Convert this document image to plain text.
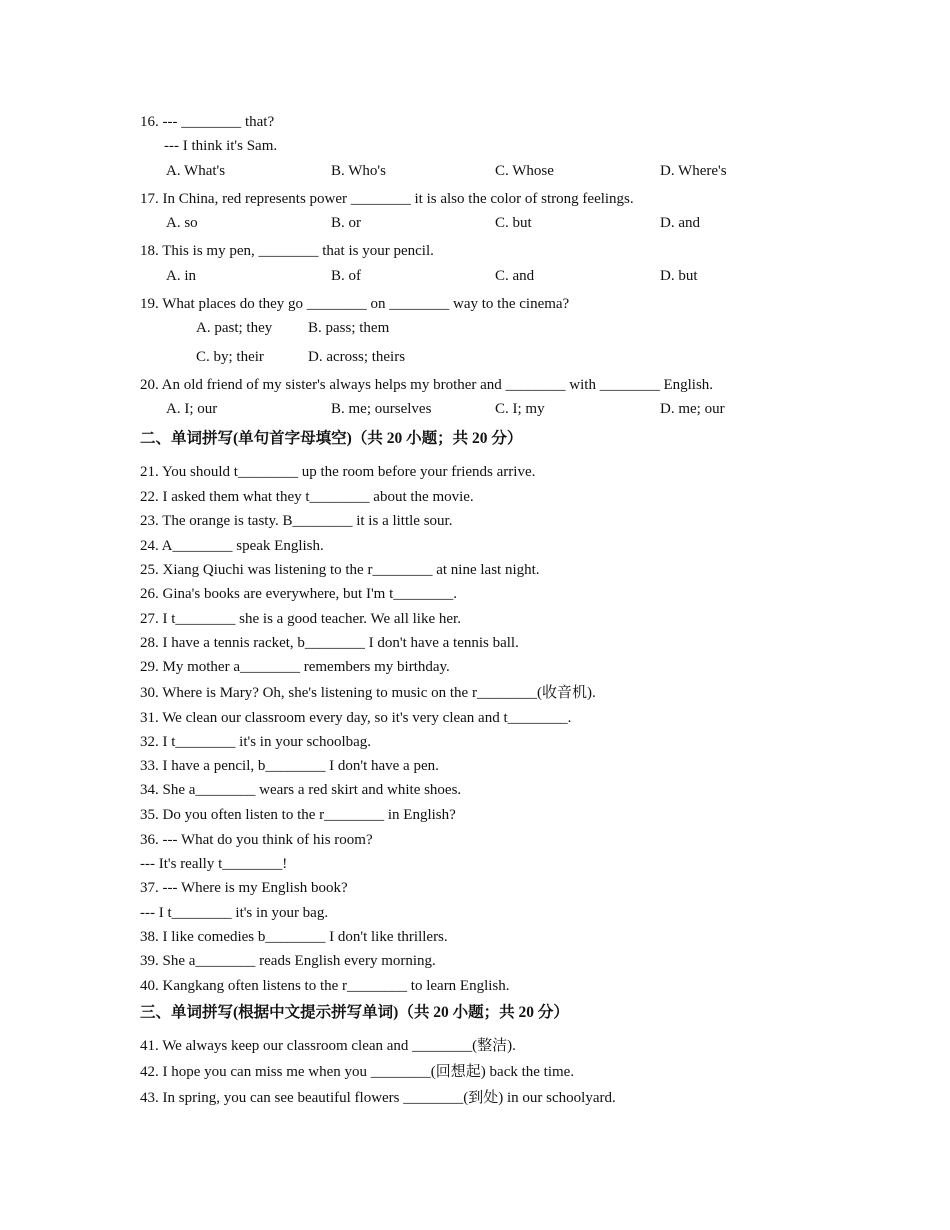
16. --- ________ that?
--- I think it's Sam.
A. What's	B. Who's	C. Whose	D. Where's
17. In China, red represents power ________ it is also the color of strong feelings.
A. so	B. or	C. but	D. and
18. This is my pen, ________ that is your pencil.
A. in	B. of	C. and	D. but
19. What places do they go ________ on ________ way to the cinema?
A. past; they B. pass; them
C. by; their	D. across; theirs
20. An old friend of my sister's always helps my brother and ________ with ________ English.
A. I; our	B. me; ourselves	C. I; my	D. me; our
二、单词拼写(单句首字母填空)（共 20 小题；共 20 分）
21. You should t________ up the room before your friends arrive.
22. I asked them what they t________ about the movie.
23. The orange is tasty. B________ it is a little sour.
24. A________ speak English.
25. Xiang Qiuchi was listening to the r________ at nine last night.
26. Gina's books are everywhere, but I'm t________.
27. I t________ she is a good teacher. We all like her.
28. I have a tennis racket, b________ I don't have a tennis ball.
29. My mother a________ remembers my birthday.
30. Where is Mary? Oh, she's listening to music on the r________(收音机).
31. We clean our classroom every day, so it's very clean and t________.
32. I t________ it's in your schoolbag.
33. I have a pencil, b________ I don't have a pen.
34. She a________ wears a red skirt and white shoes.
35. Do you often listen to the r________ in English?
36. --- What do you think of his room?
--- It's really t________!
37. --- Where is my English book?
--- I t________ it's in your bag.
38. I like comedies b________ I don't like thrillers.
39. She a________ reads English every morning.
40. Kangkang often listens to the r________ to learn English.
三、单词拼写(根据中文提示拼写单词)（共 20 小题；共 20 分）
41. We always keep our classroom clean and ________(整洁).
42. I hope you can miss me when you ________(回想起) back the time.
43. In spring, you can see beautiful flowers ________(到处) in our schoolyard.
